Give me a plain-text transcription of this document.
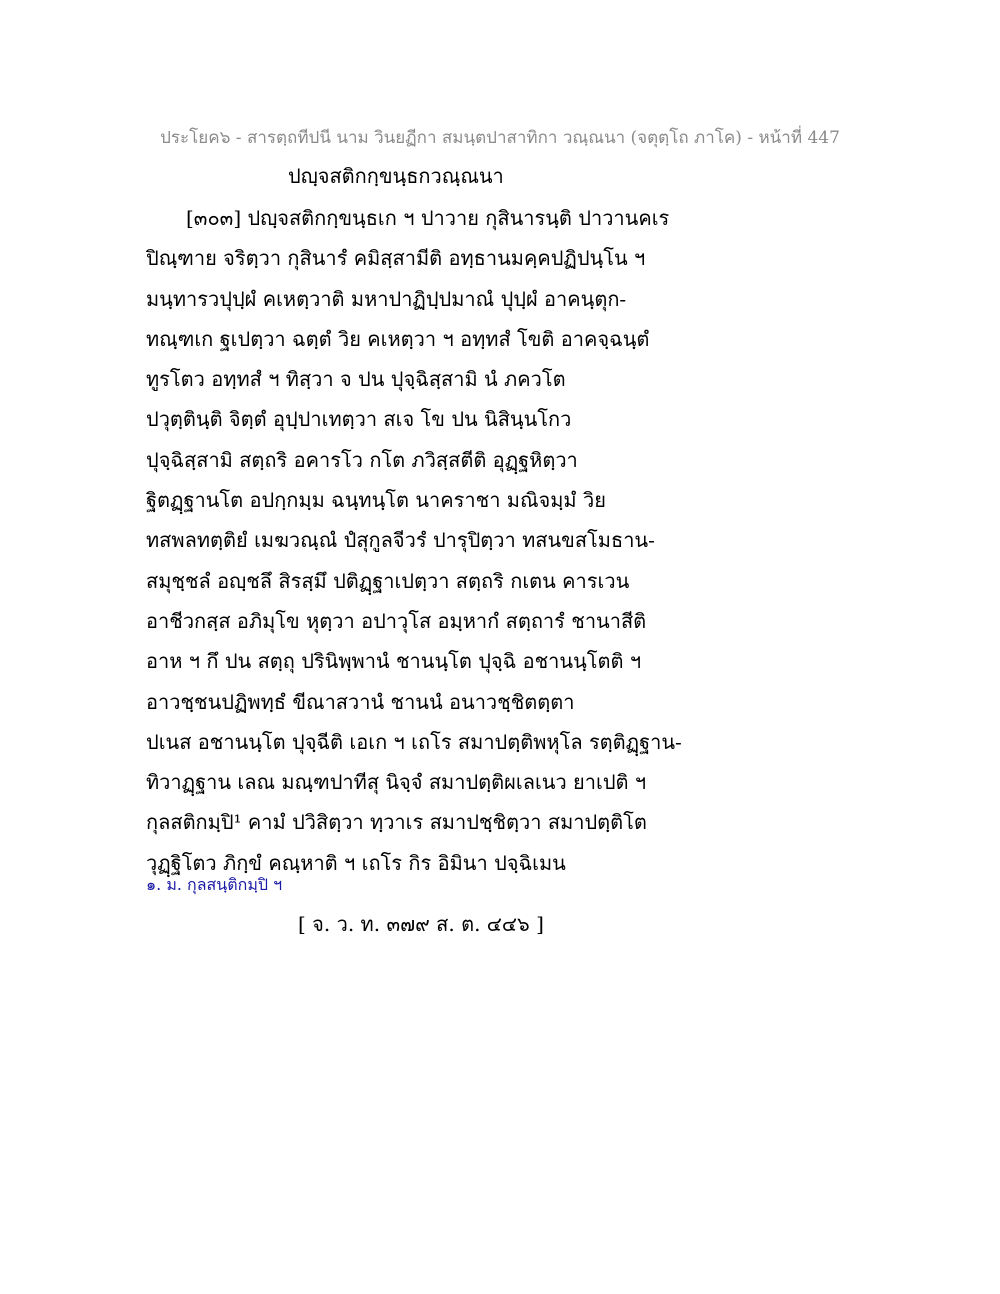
ประโยค๖ - สารตฺถทีปนี นาม วินยฏีกา สมนฺตปาสาทิกา วณฺณนา (จตุตฺโถ ภาโค) - หน้าที่ 447
ปญฺจสติกกฺขนฺธกวณฺณนา
[๓๐๓] ปญฺจสติกกฺขนฺธเก ฯ ปาวาย กุสินารนฺติ ปาวานคเร
ปิณฺฑาย จริตฺวา กุสินารํ คมิสฺสามีติ อทฺธานมคฺคปฏิปนฺโน ฯ
มนฺทารวปุปฺผํ คเหตฺวาติ มหาปาฏิปฺปมาณํ ปุปฺผํ อาคนฺตุก-
ทณฺฑเก ฐเปตฺวา ฉตฺตํ วิย คเหตฺวา ฯ อทฺทสํ โขติ อาคจฺฉนฺตํ
ทูรโตว อทฺทสํ ฯ ทิสฺวา จ ปน ปุจฺฉิสฺสามิ นํ ภควโต
ปวุตฺตินฺติ จิตฺตํ อุปฺปาเทตฺวา สเจ โข ปน นิสินฺนโกว
ปุจฺฉิสฺสามิ สตฺถริ อคารโว กโต ภวิสฺสตีติ อุฏฺฐหิตฺวา
ฐิตฏฺฐานโต อปกฺกมฺม ฉนฺทนฺโต นาคราชา มณิจมฺมํ วิย
ทสพลทตฺติยํ เมฆวณฺณํ ปํสุกูลจีวรํ ปารุปิตฺวา ทสนขสโมธาน-
สมุชฺชลํ อญฺชลึ สิรสฺมึ ปติฏฺฐาเปตฺวา สตฺถริ กเตน คารเวน
อาชีวกสฺส อภิมุโข หุตฺวา อปาวุโส อมฺหากํ สตฺถารํ ชานาสีติ
อาห ฯ กึ ปน สตฺถุ ปรินิพฺพานํ ชานนฺโต ปุจฺฉิ อชานนฺโตติ ฯ
อาวชฺชนปฏิพทฺธํ ขีณาสวานํ ชานนํ อนาวชฺชิตตฺตา
ปเนส อชานนฺโต ปุจฺฉีติ เอเก ฯ เถโร สมาปตฺติพหุโล รตฺติฏฺฐาน-
ทิวาฏฺฐาน เลณ มณฺฑปาทีสุ นิจฺจํ สมาปตฺติผเลเนว ยาเปติ ฯ
กุลสติกมฺปิ¹ คามํ ปวิสิตฺวา ทฺวาเร สมาปชฺชิตฺวา สมาปตฺติโต
วุฏฺฐิโตว ภิกฺขํ คณฺหาติ ฯ เถโร กิร อิมินา ปจฺฉิเมน
๑. ม. กุลสนฺติกมฺปิ ฯ
[ จ. ว. ท. ๓๗๙ ส. ต. ๔๔๖ ]
